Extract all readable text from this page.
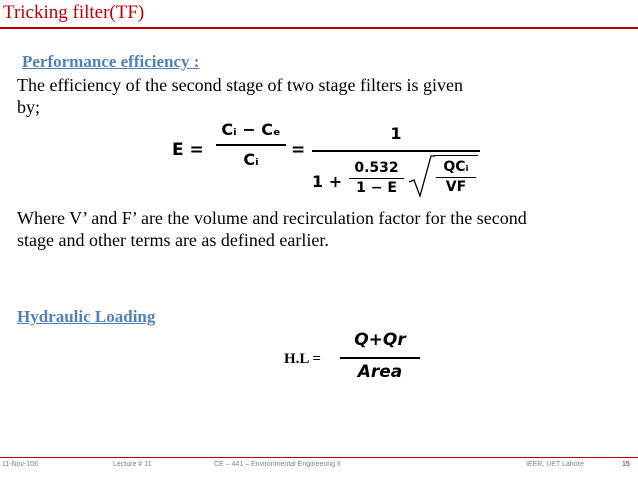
Tricking filter(TF)
Performance efficiency :
The efficiency of the second stage of two stage filters is given
by;
E =
Cᵢ − Cₑ
Cᵢ	=
1
1 +
0.532
1 − E
QCᵢ
VF
Where V’ and F’ are the volume and recirculation factor for the second
stage and other terms are as defined earlier.
Hydraulic Loading
H.L =
Q+Qr
Area
11-Nov-106	Lecture # 11	CE – 441 – Environmental Engineering II	IEER, UET Lahore	15
